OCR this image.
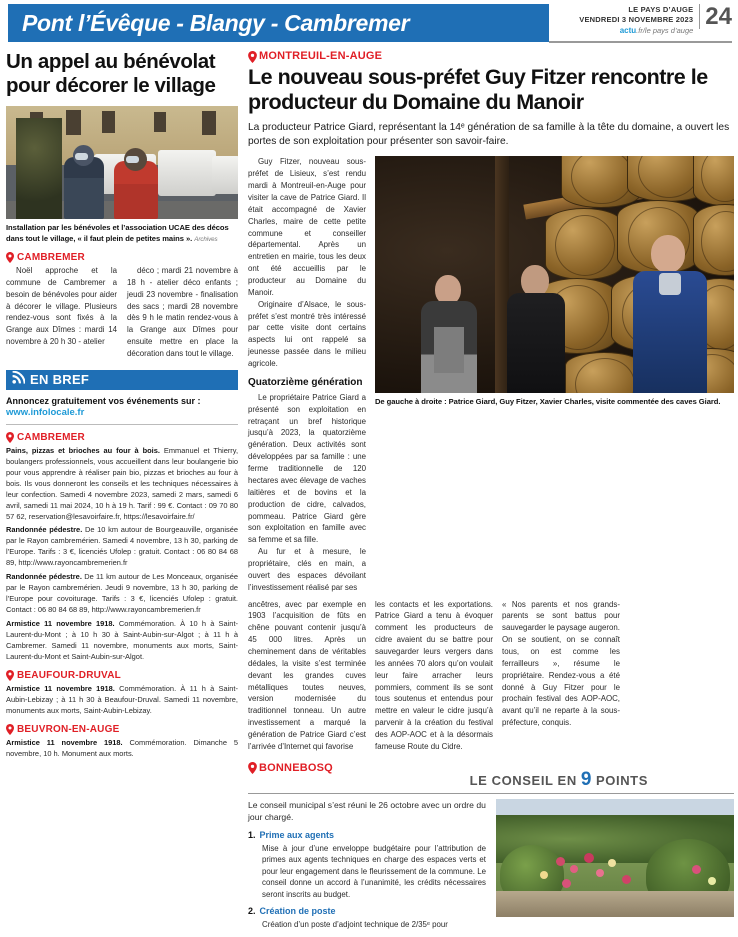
Pont l’Évêque - Blangy - Cambremer	LE PAYS D’AUGE
VENDREDI 3 NOVEMBRE 2023
actu.fr/le pays d’auge
24
Un appel au bénévolat pour décorer le village
Installation par les bénévoles et l’association UCAE des décos dans tout le village, « il faut plein de petites mains ». Archives
CAMBREMER

Noël approche et la commune de Cambremer a besoin de bénévoles pour aider à décorer le village. Plusieurs rendez-vous sont fixés à la Grange aux Dîmes : mardi 14 novembre à 20 h 30 - atelier

déco ; mardi 21 novembre à 18 h - atelier déco enfants ; jeudi 23 novembre - finalisation des sacs ; mardi 28 novembre dès 9 h le matin rendez-vous à la Grange aux Dîmes pour ensuite mettre en place la décoration dans tout le village.

EN BREF
Annoncez gratuitement vos événements sur :
www.infolocale.fr
CAMBREMER

Pains, pizzas et brioches au four à bois. Emmanuel et Thierry, boulangers professionnels, vous accueillent dans leur boulangerie bio pour vous apprendre à réaliser pain bio, pizzas et brioches au four à bois. Ils vous donneront les conseils et les techniques nécessaires à leur confection. Samedi 4 novembre 2023, samedi 2 mars, samedi 6 avril, samedi 11 mai 2024, 10 h à 19 h. Tarif : 99 €. Contact : 09 70 80 57 62, reservation@lesavoirfaire.fr, https://lesavoirfaire.fr/

Randonnée pédestre. De 10 km autour de Bourgeauville, organisée par le Rayon cambremérien. Samedi 4 novembre, 13 h 30, parking de l’Europe. Tarifs : 3 €, licenciés Ufolep : gratuit. Contact : 06 80 84 68 89, http://www.rayoncambremerien.fr

Randonnée pédestre. De 11 km autour de Les Monceaux, organisée par le Rayon cambremérien. Jeudi 9 novembre, 13 h 30, parking de l’Europe pour covoiturage. Tarifs : 3 €, licenciés Ufolep : gratuit. Contact : 06 80 84 68 89, http://www.rayoncambremerien.fr

Armistice 11 novembre 1918. Commémoration. À 10 h à Saint-Laurent-du-Mont ; à 10 h 30 à Saint-Aubin-sur-Algot ; à 11 h à Cambremer. Samedi 11 novembre, monuments aux morts, Saint-Laurent-du-Mont et Saint-Aubin-sur-Algot.

BEAUFOUR-DRUVAL

Armistice 11 novembre 1918. Commémoration. À 11 h à Saint-Aubin-Lebizay ; à 11 h 30 à Beaufour-Druval. Samedi 11 novembre, monuments aux morts, Saint-Aubin-Lebizay.

BEUVRON-EN-AUGE

Armistice 11 novembre 1918. Commémoration. Dimanche 5 novembre, 10 h. Monument aux morts.

MONTREUIL-EN-AUGE
Le nouveau sous-préfet Guy Fitzer rencontre le producteur du Domaine du Manoir

La producteur Patrice Giard, représentant la 14ᵉ génération de sa famille à la tête du domaine, a ouvert les portes de son exploitation pour présenter son savoir-faire.

Guy Fitzer, nouveau sous-préfet de Lisieux, s’est rendu mardi à Montreuil-en-Auge pour visiter la cave de Patrice Giard. Il était accompagné de Xavier Charles, maire de cette petite commune et conseiller départemental. Après un entretien en mairie, tous les deux ont été accueillis par le producteur au Domaine du Manoir.

Originaire d’Alsace, le sous-préfet s’est montré très intéressé par cette visite dont certains aspects lui ont rappelé sa jeunesse passée dans le milieu agricole.

Quatorzième génération

Le propriétaire Patrice Giard a présenté son exploitation en retraçant un bref historique jusqu’à 2023, la quatorzième génération. Deux activités sont développées par sa famille : une ferme traditionnelle de 120 hectares avec élevage de vaches laitières et de bovins et la production de cidre, calvados, pommeau. Patrice Giard gère son exploitation en famille avec sa femme et sa fille.

Au fur et à mesure, le propriétaire, clés en main, a ouvert des espaces dévoilant l’investissement réalisé par ses

De gauche à droite : Patrice Giard, Guy Fitzer, Xavier Charles, visite commentée des caves Giard.

ancêtres, avec par exemple en 1903 l’acquisition de fûts en chêne pouvant contenir jusqu’à 45 000 litres. Après un cheminement dans de véritables dédales, la visite s’est terminée devant les grandes cuves métalliques toutes neuves, version modernisée du traditionnel tonneau. Un autre investissement a marqué la génération de Patrice Giard c’est l’arrivée d’Internet qui favorise

les contacts et les exportations. Patrice Giard a tenu à évoquer comment les producteurs de cidre avaient du se battre pour sauvegarder leurs vergers dans les années 70 alors qu’on voulait leur faire arracher leurs pommiers, comment ils se sont tous soutenus et entendus pour mettre en valeur le cidre jusqu’à parvenir à la création du festival des AOP-AOC et à la désormais fameuse Route du Cidre.

« Nos parents et nos grands-parents se sont battus pour sauvegarder le paysage augeron. On se soutient, on se connaît tous, on est comme les ferrailleurs », résume le propriétaire. Rendez-vous a été donné à Guy Fitzer pour le prochain festival des AOP-AOC, avant qu’il ne reparte à la sous-préfecture, conquis.

BONNEBOSQ
LE CONSEIL EN 9 POINTS

Le conseil municipal s’est réuni le 26 octobre avec un ordre du jour chargé.

1. Prime aux agents

Mise à jour d’une enveloppe budgétaire pour l’attribution de primes aux agents techniques en charge des espaces verts et pour leur engagement dans le fleurissement de la commune. Le conseil donne un accord à l’unanimité, les crédits nécessaires seront inscrits au budget.

2. Création de poste

Création d’un poste d’adjoint technique de 2/35ᵉ pour
